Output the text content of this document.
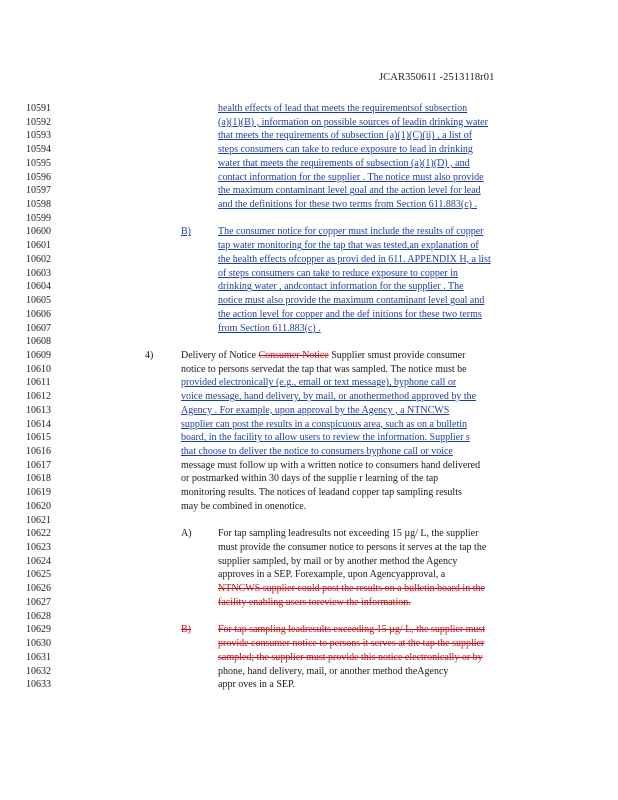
JCAR350611 -2513118r01
10591	health effects of lead that meets the requirementsof subsection
10592	(a)(1)(B) , information on possible sources of leadin drinking water
10593	that meets the requirements of subsection (a)(1)(C)(ii) , a list of
10594	steps consumers can take to reduce exposure to lead in drinking
10595	water that meets the requirements of subsection (a)(1)(D) , and
10596	contact information for the supplier . The notice must also provide
10597	the maximum contaminant level goal and the action level for lead
10598	and the definitions for these two terms from Section 611.883(c) .
10599
10600	B)	The consumer notice for copper must include the results of copper
10601	tap water monitoring for the tap that was tested,an explanation of
10602	the health effects ofcopper as provi ded in 611. APPENDIX H, a list
10603	of steps consumers can take to reduce exposure to copper in
10604	drinking water , andcontact information for the supplier . The
10605	notice must also provide the maximum contaminant level goal and
10606	the action level for copper and the def initions for these two terms
10607	from Section 611.883(c) .
10608
10609	4)	Delivery of Notice Consumer Notice Supplier smust provide consumer
10610	notice to persons servedat the tap that was sampled. The notice must be
10611	provided electronically (e.g., email or text message), byphone call or
10612	voice message, hand delivery, by mail, or anothermethod approved by the
10613	Agency . For example, upon approval by the Agency , a NTNCWS
10614	supplier can post the results in a conspicuous area, such as on a bulletin
10615	board, in the facility to allow users to review the information. Supplier s
10616	that choose to deliver the notice to consumers byphone call or voice
10617	message must follow up with a written notice to consumers hand delivered
10618	or postmarked within 30 days of the supplie r learning of the tap
10619	monitoring results. The notices of leadand copper tap sampling results
10620	may be combined in onenotice.
10621
10622	A)	For tap sampling leadresults not exceeding 15 µg/ L, the supplier
10623	must provide the consumer notice to persons it serves at the tap the
10624	supplier sampled, by mail or by another method the Agency
10625	approves in a SEP. Forexample, upon Agencyapproval, a
10626	NTNCWS supplier could post the results on a bulletin board in the
10627	facility enabling users toreview the information.
10628
10629	B)	For tap sampling leadresults exceeding 15 µg/ L, the supplier must
10630	provide consumer notice to persons it serves at the tap the supplier
10631	sampled; the supplier must provide this notice electronically or by
10632	phone, hand delivery, mail, or another method theAgency
10633	appr oves in a SEP.
